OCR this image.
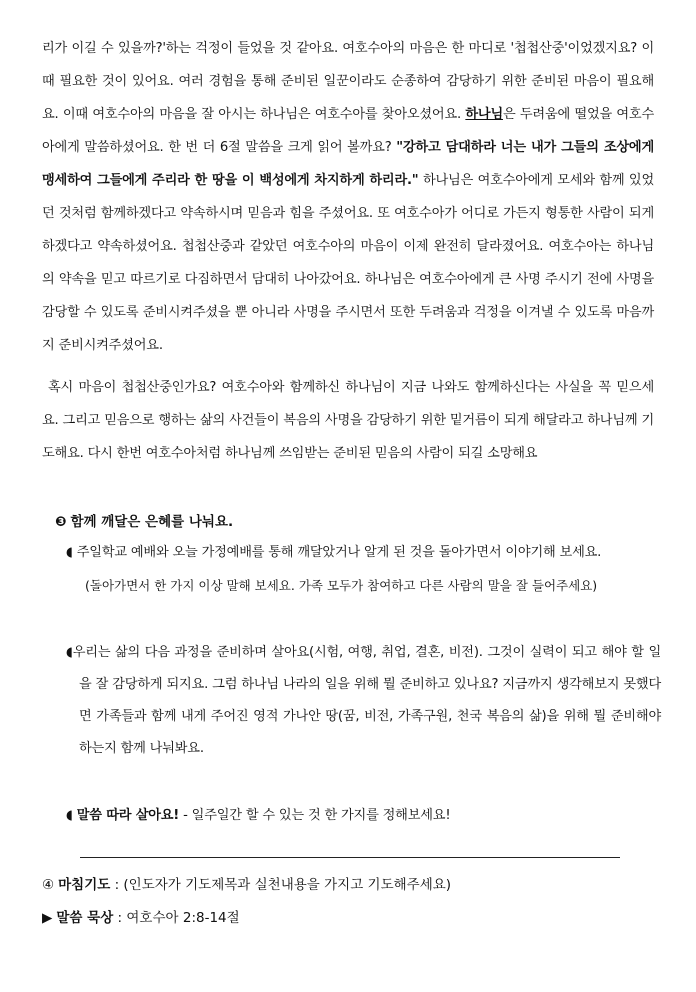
리가 이길 수 있을까?'하는 걱정이 들었을 것 같아요. 여호수아의 마음은 한 마디로 '첩첩산중'이었겠지요? 이 때 필요한 것이 있어요. 여러 경험을 통해 준비된 일꾼이라도 순종하여 감당하기 위한 준비된 마음이 필요해요. 이때 여호수아의 마음을 잘 아시는 하나님은 여호수아를 찾아오셨어요. 하나님은 두려움에 떨었을 여호수아에게 말씀하셨어요. 한 번 더 6절 말씀을 크게 읽어 볼까요? "강하고 담대하라 너는 내가 그들의 조상에게 맹세하여 그들에게 주리라 한 땅을 이 백성에게 차지하게 하리라." 하나님은 여호수아에게 모세와 함께 있었던 것처럼 함께하겠다고 약속하시며 믿음과 힘을 주셨어요. 또 여호수아가 어디로 가든지 형통한 사람이 되게 하겠다고 약속하셨어요. 첩첩산중과 같았던 여호수아의 마음이 이제 완전히 달라졌어요. 여호수아는 하나님의 약속을 믿고 따르기로 다짐하면서 담대히 나아갔어요. 하나님은 여호수아에게 큰 사명 주시기 전에 사명을 감당할 수 있도록 준비시켜주셨을 뿐 아니라 사명을 주시면서 또한 두려움과 걱정을 이겨낼 수 있도록 마음까지 준비시켜주셨어요.

혹시 마음이 첩첩산중인가요? 여호수아와 함께하신 하나님이 지금 나와도 함께하신다는 사실을 꼭 믿으세요. 그리고 믿음으로 행하는 삶의 사건들이 복음의 사명을 감당하기 위한 밑거름이 되게 해달라고 하나님께 기도해요. 다시 한번 여호수아처럼 하나님께 쓰임받는 준비된 믿음의 사람이 되길 소망해요

❸ 함께 깨달은 은혜를 나눠요.

◖ 주일학교 예배와 오늘 가정예배를 통해 깨달았거나 알게 된 것을 돌아가면서 이야기해 보세요.

(돌아가면서 한 가지 이상 말해 보세요. 가족 모두가 참여하고 다른 사람의 말을 잘 들어주세요)

◖우리는 삶의 다음 과정을 준비하며 살아요(시험, 여행, 취업, 결혼, 비전). 그것이 실력이 되고 해야 할 일을 잘 감당하게 되지요. 그럼 하나님 나라의 일을 위해 뭘 준비하고 있나요? 지금까지 생각해보지 못했다면 가족들과 함께 내게 주어진 영적 가나안 땅(꿈, 비전, 가족구원, 천국 복음의 삶)을 위해 뭘 준비해야 하는지 함께 나눠봐요.

◖ 말씀 따라 살아요! - 일주일간 할 수 있는 것 한 가지를 정해보세요!

④ 마침기도 : (인도자가 기도제목과 실천내용을 가지고 기도해주세요)
▶ 말씀 묵상 : 여호수아 2:8-14절
